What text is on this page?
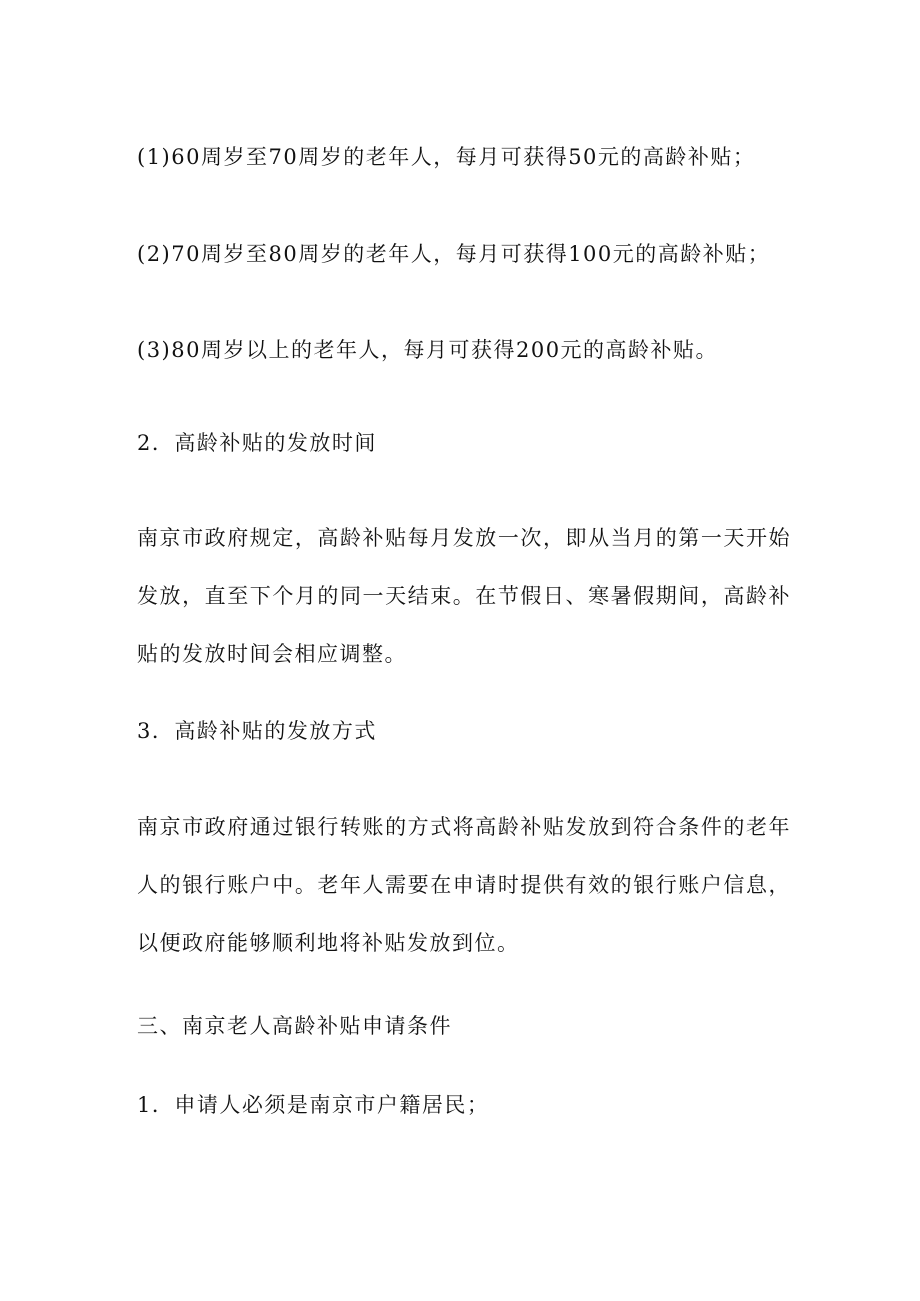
(1)60周岁至70周岁的老年人，每月可获得50元的高龄补贴；
(2)70周岁至80周岁的老年人，每月可获得100元的高龄补贴；
(3)80周岁以上的老年人，每月可获得200元的高龄补贴。
2．高龄补贴的发放时间
南京市政府规定，高龄补贴每月发放一次，即从当月的第一天开始发放，直至下个月的同一天结束。在节假日、寒暑假期间，高龄补贴的发放时间会相应调整。
3．高龄补贴的发放方式
南京市政府通过银行转账的方式将高龄补贴发放到符合条件的老年人的银行账户中。老年人需要在申请时提供有效的银行账户信息，以便政府能够顺利地将补贴发放到位。
三、南京老人高龄补贴申请条件
1．申请人必须是南京市户籍居民；
